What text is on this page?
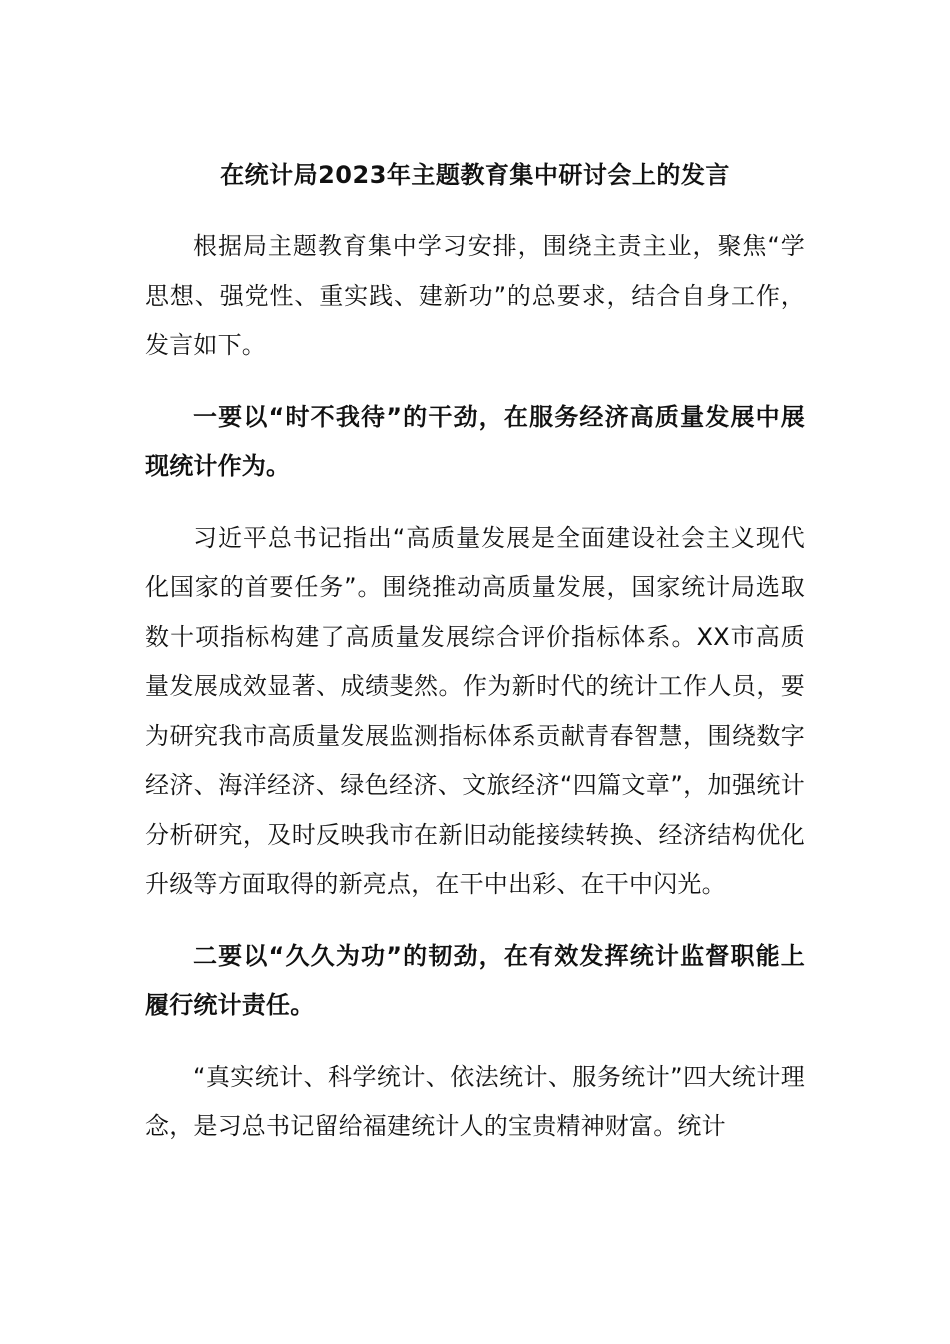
在统计局2023年主题教育集中研讨会上的发言

根据局主题教育集中学习安排，围绕主责主业，聚焦“学思想、强党性、重实践、建新功”的总要求，结合自身工作，发言如下。

一要以“时不我待”的干劲，在服务经济高质量发展中展现统计作为。

习近平总书记指出“高质量发展是全面建设社会主义现代化国家的首要任务”。围绕推动高质量发展，国家统计局选取数十项指标构建了高质量发展综合评价指标体系。XX市高质量发展成效显著、成绩斐然。作为新时代的统计工作人员，要为研究我市高质量发展监测指标体系贡献青春智慧，围绕数字经济、海洋经济、绿色经济、文旅经济“四篇文章”，加强统计分析研究，及时反映我市在新旧动能接续转换、经济结构优化升级等方面取得的新亮点，在干中出彩、在干中闪光。

二要以“久久为功”的韧劲，在有效发挥统计监督职能上履行统计责任。

“真实统计、科学统计、依法统计、服务统计”四大统计理念，是习总书记留给福建统计人的宝贵精神财富。统计
